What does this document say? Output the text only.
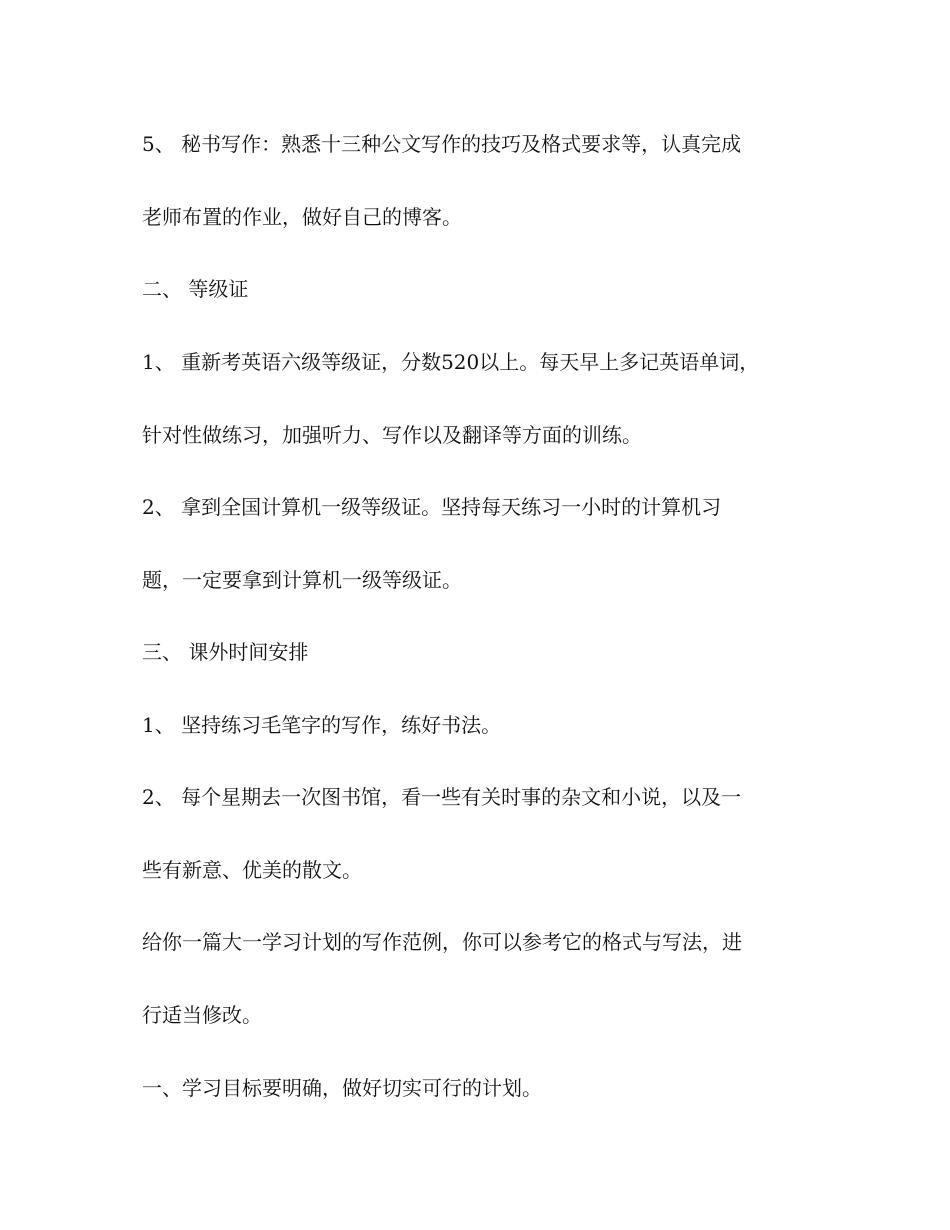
5、 秘书写作：熟悉十三种公文写作的技巧及格式要求等，认真完成

老师布置的作业，做好自己的博客。

二、 等级证

1、 重新考英语六级等级证，分数520以上。每天早上多记英语单词，

针对性做练习，加强听力、写作以及翻译等方面的训练。

2、 拿到全国计算机一级等级证。坚持每天练习一小时的计算机习

题，一定要拿到计算机一级等级证。

三、 课外时间安排

1、 坚持练习毛笔字的写作，练好书法。

2、 每个星期去一次图书馆，看一些有关时事的杂文和小说，以及一

些有新意、优美的散文。

给你一篇大一学习计划的写作范例，你可以参考它的格式与写法，进

行适当修改。

一、学习目标要明确，做好切实可行的计划。
